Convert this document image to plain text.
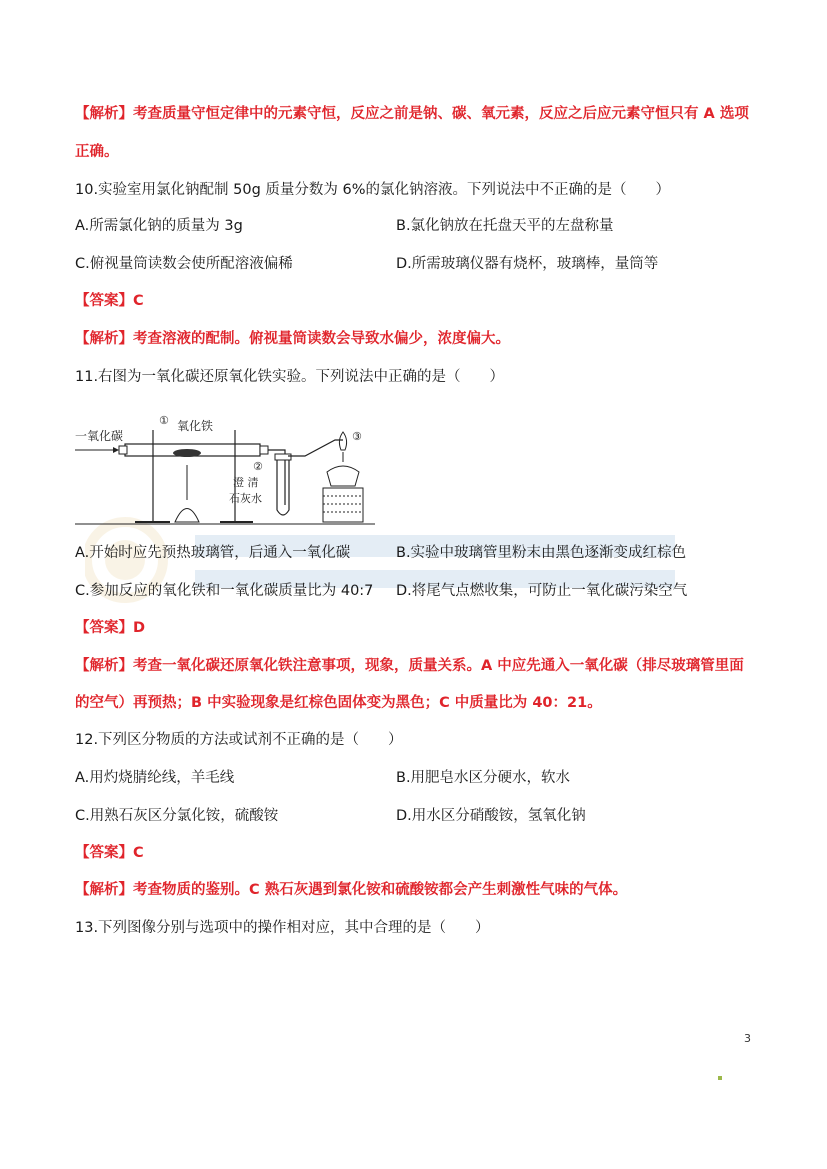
【解析】考查质量守恒定律中的元素守恒，反应之前是钠、碳、氧元素，反应之后应元素守恒只有 A 选项
正确。
10.实验室用氯化钠配制 50g 质量分数为 6%的氯化钠溶液。下列说法中不正确的是（　　）
A.所需氯化钠的质量为 3g	B.氯化钠放在托盘天平的左盘称量
C.俯视量筒读数会使所配溶液偏稀	D.所需玻璃仪器有烧杯，玻璃棒，量筒等
【答案】C
【解析】考查溶液的配制。俯视量筒读数会导致水偏少，浓度偏大。
11.右图为一氧化碳还原氧化铁实验。下列说法中正确的是（　　）
一氧化碳
氧化铁
①
②
③
澄 清
石灰水
A.开始时应先预热玻璃管，后通入一氧化碳	B.实验中玻璃管里粉末由黑色逐渐变成红棕色
C.参加反应的氧化铁和一氧化碳质量比为 40:7 D.将尾气点燃收集，可防止一氧化碳污染空气
【答案】D
【解析】考查一氧化碳还原氧化铁注意事项，现象，质量关系。A 中应先通入一氧化碳（排尽玻璃管里面
的空气）再预热；B 中实验现象是红棕色固体变为黑色；C 中质量比为 40：21。
12.下列区分物质的方法或试剂不正确的是（　　）
A.用灼烧腈纶线，羊毛线	B.用肥皂水区分硬水，软水
C.用熟石灰区分氯化铵，硫酸铵	D.用水区分硝酸铵，氢氧化钠
【答案】C
【解析】考查物质的鉴别。C 熟石灰遇到氯化铵和硫酸铵都会产生刺激性气味的气体。
13.下列图像分别与选项中的操作相对应，其中合理的是（　　）
3
